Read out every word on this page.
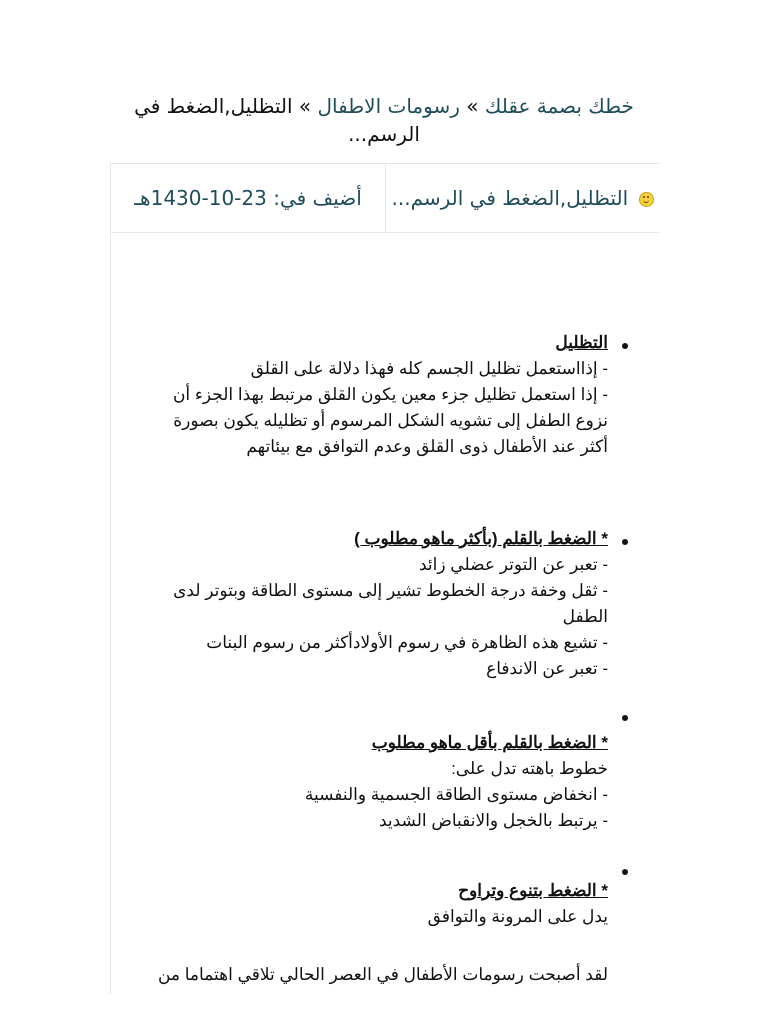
خطك بصمة عقلك » رسومات الاطفال » التظليل,الضغط في الرسم...
التظليل,الضغط في الرسم...
أضيف في: 23-10-1430هـ
التظليل
- إذااستعمل تظليل الجسم كله فهذا دلالة على القلق
- إذا استعمل تظليل جزء معين يكون القلق مرتبط بهذا الجزء أن
نزوع الطفل إلى تشويه الشكل المرسوم أو تظليله يكون بصورة
أكثر عند الأطفال ذوى القلق وعدم التوافق مع بيئاتهم
* الضغط بالقلم (بأكثر ماهو مطلوب )
- تعبر عن التوتر عضلي زائد
- ثقل وخفة درجة الخطوط تشير إلى مستوى الطاقة وبتوتر لدى
الطفل
- تشيع هذه الظاهرة في رسوم الأولادأكثر من رسوم البنات
- تعبر عن الاندفاع
* الضغط بالقلم بأقل ماهو مطلوب
خطوط باهته تدل على:
- انخفاض مستوى الطاقة الجسمية والنفسية
- يرتبط بالخجل والانقباض الشديد
* الضغط بتنوع وتراوح
يدل على المرونة والتوافق
لقد أصبحت رسومات الأطفال في العصر الحالي تلاقي اهتماما من
